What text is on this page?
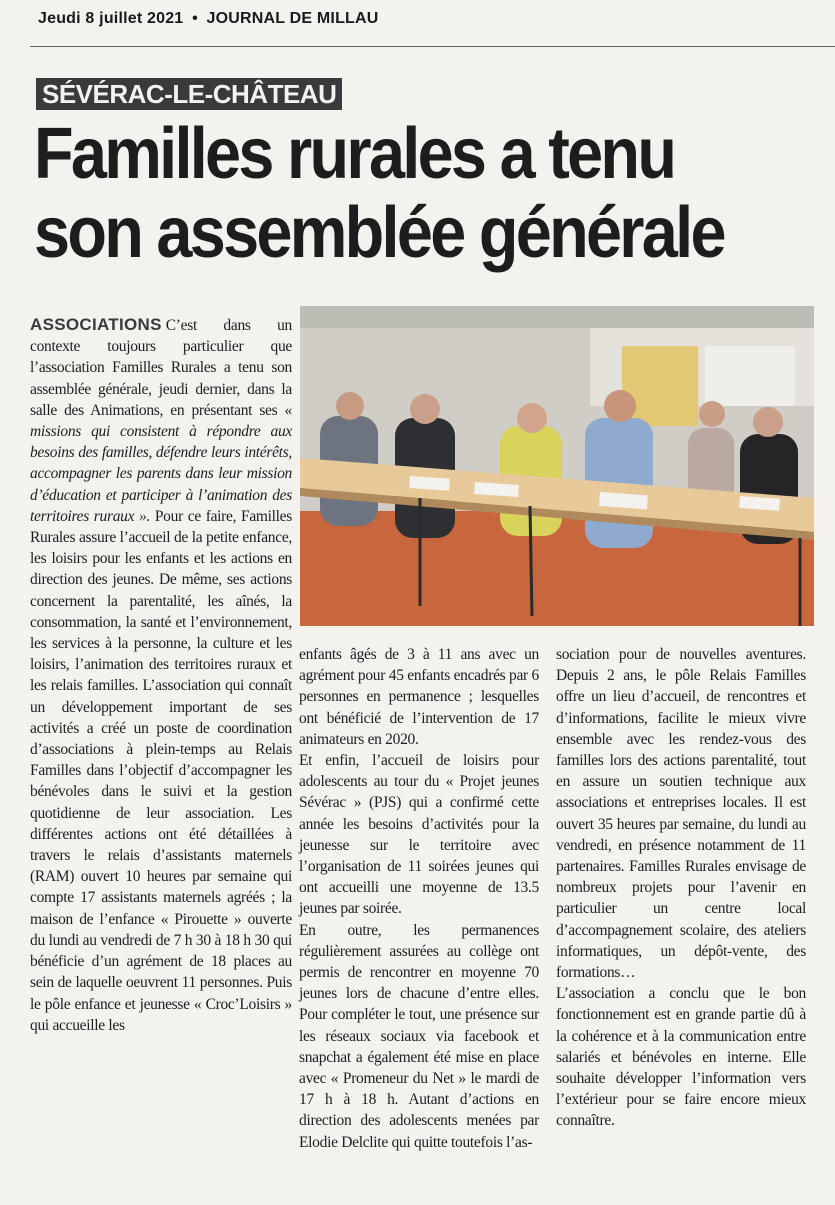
Jeudi 8 juillet 2021 • JOURNAL DE MILLAU
SÉVÉRAC-LE-CHÂTEAU
Familles rurales a tenu
son assemblée générale

ASSOCIATIONS C’est dans un contexte toujours particulier que l’association Familles Rurales a tenu son assemblée générale, jeudi dernier, dans la salle des Animations, en présentant ses « missions qui consistent à répondre aux besoins des familles, défendre leurs intérêts, accompagner les parents dans leur mission d’éducation et participer à l’animation des territoires ruraux ». Pour ce faire, Familles Rurales assure l’accueil de la petite enfance, les loisirs pour les enfants et les actions en direction des jeunes. De même, ses actions concernent la parentalité, les aînés, la consommation, la santé et l’environnement, les services à la personne, la culture et les loisirs, l’animation des territoires ruraux et les relais familles. L’association qui connaît un développement important de ses activités a créé un poste de coordination d’associations à plein-temps au Relais Familles dans l’objectif d’accompagner les bénévoles dans le suivi et la gestion quotidienne de leur association. Les différentes actions ont été détaillées à travers le relais d’assistants maternels (RAM) ouvert 10 heures par semaine qui compte 17 assistants maternels agréés ; la maison de l’enfance « Pirouette » ouverte du lundi au vendredi de 7 h 30 à 18 h 30 qui bénéficie d’un agrément de 18 places au sein de laquelle oeuvrent 11 personnes. Puis le pôle enfance et jeunesse « Croc’Loisirs » qui accueille les

enfants âgés de 3 à 11 ans avec un agrément pour 45 enfants encadrés par 6 personnes en permanence ; lesquelles ont bénéficié de l’intervention de 17 animateurs en 2020.

Et enfin, l’accueil de loisirs pour adolescents au tour du « Projet jeunes Sévérac » (PJS) qui a confirmé cette année les besoins d’activités pour la jeunesse sur le territoire avec l’organisation de 11 soirées jeunes qui ont accueilli une moyenne de 13.5 jeunes par soirée.

En outre, les permanences régulièrement assurées au collège ont permis de rencontrer en moyenne 70 jeunes lors de chacune d’entre elles. Pour compléter le tout, une présence sur les réseaux sociaux via facebook et snapchat a également été mise en place avec « Promeneur du Net » le mardi de 17 h à 18 h. Autant d’actions en direction des adolescents menées par Elodie Delclite qui quitte toutefois l’as-

sociation pour de nouvelles aventures. Depuis 2 ans, le pôle Relais Familles offre un lieu d’accueil, de rencontres et d’informations, facilite le mieux vivre ensemble avec les rendez-vous des familles lors des actions parentalité, tout en assure un soutien technique aux associations et entreprises locales. Il est ouvert 35 heures par semaine, du lundi au vendredi, en présence notamment de 11 partenaires. Familles Rurales envisage de nombreux projets pour l’avenir en particulier un centre local d’accompagnement scolaire, des ateliers informatiques, un dépôt-vente, des formations…

L’association a conclu que le bon fonctionnement est en grande partie dû à la cohérence et à la communication entre salariés et bénévoles en interne. Elle souhaite développer l’information vers l’extérieur pour se faire encore mieux connaître.
